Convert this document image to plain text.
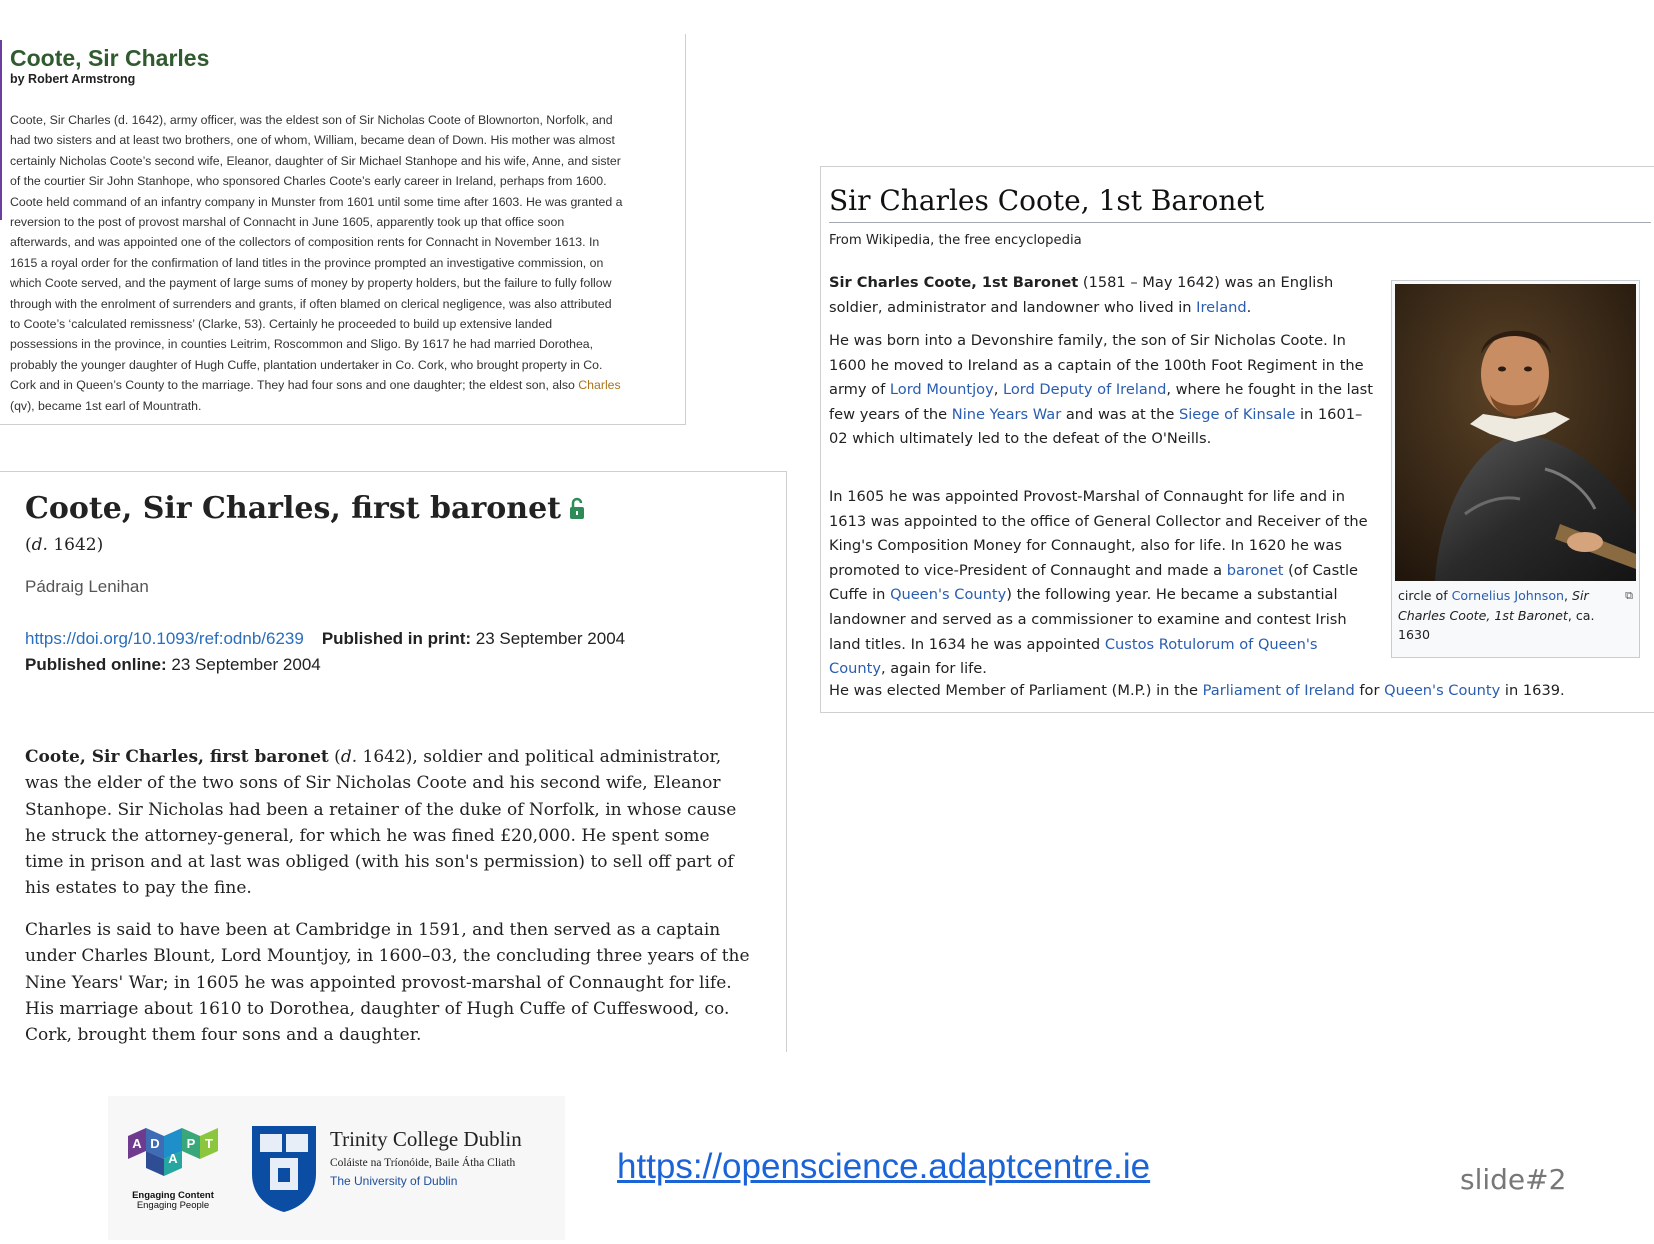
Coote, Sir Charles
by Robert Armstrong
Coote, Sir Charles (d. 1642), army officer, was the eldest son of Sir Nicholas Coote of Blownorton, Norfolk, and
had two sisters and at least two brothers, one of whom, William, became dean of Down. His mother was almost
certainly Nicholas Coote’s second wife, Eleanor, daughter of Sir Michael Stanhope and his wife, Anne, and sister
of the courtier Sir John Stanhope, who sponsored Charles Coote’s early career in Ireland, perhaps from 1600.
Coote held command of an infantry company in Munster from 1601 until some time after 1603. He was granted a
reversion to the post of provost marshal of Connacht in June 1605, apparently took up that office soon
afterwards, and was appointed one of the collectors of composition rents for Connacht in November 1613. In
1615 a royal order for the confirmation of land titles in the province prompted an investigative commission, on
which Coote served, and the payment of large sums of money by property holders, but the failure to fully follow
through with the enrolment of surrenders and grants, if often blamed on clerical negligence, was also attributed
to Coote’s ‘calculated remissness’ (Clarke, 53). Certainly he proceeded to build up extensive landed
possessions in the province, in counties Leitrim, Roscommon and Sligo. By 1617 he had married Dorothea,
probably the younger daughter of Hugh Cuffe, plantation undertaker in Co. Cork, who brought property in Co.
Cork and in Queen’s County to the marriage. They had four sons and one daughter; the eldest son, also Charles
(qv), became 1st earl of Mountrath.
Coote, Sir Charles, first baronet
(d. 1642)
Pádraig Lenihan
https://doi.org/10.1093/ref:odnb/6239 Published in print: 23 September 2004
Published online: 23 September 2004
Coote, Sir Charles, first baronet (d. 1642), soldier and political administrator, was the elder of the two sons of Sir Nicholas Coote and his second wife, Eleanor Stanhope. Sir Nicholas had been a retainer of the duke of Norfolk, in whose cause he struck the attorney-general, for which he was fined £20,000. He spent some time in prison and at last was obliged (with his son's permission) to sell off part of his estates to pay the fine.
Charles is said to have been at Cambridge in 1591, and then served as a captain under Charles Blount, Lord Mountjoy, in 1600–03, the concluding three years of the Nine Years' War; in 1605 he was appointed provost-marshal of Connaught for life. His marriage about 1610 to Dorothea, daughter of Hugh Cuffe of Cuffeswood, co. Cork, brought them four sons and a daughter.
Sir Charles Coote, 1st Baronet
From Wikipedia, the free encyclopedia
Sir Charles Coote, 1st Baronet (1581 – May 1642) was an English soldier, administrator and landowner who lived in Ireland.
He was born into a Devonshire family, the son of Sir Nicholas Coote. In 1600 he moved to Ireland as a captain of the 100th Foot Regiment in the army of Lord Mountjoy, Lord Deputy of Ireland, where he fought in the last few years of the Nine Years War and was at the Siege of Kinsale in 1601–02 which ultimately led to the defeat of the O'Neills.
In 1605 he was appointed Provost-Marshal of Connaught for life and in 1613 was appointed to the office of General Collector and Receiver of the King's Composition Money for Connaught, also for life. In 1620 he was promoted to vice-President of Connaught and made a baronet (of Castle Cuffe in Queen's County) the following year. He became a substantial landowner and served as a commissioner to examine and contest Irish land titles. In 1634 he was appointed Custos Rotulorum of Queen's County, again for life.
He was elected Member of Parliament (M.P.) in the Parliament of Ireland for Queen's County in 1639.
circle of Cornelius Johnson, Sir Charles Coote, 1st Baronet, ca. 1630
⧉
A D
A
P T
Engaging Content
Engaging People
Trinity College Dublin
Coláiste na Tríonóide, Baile Átha Cliath
The University of Dublin	https://openscience.adaptcentre.ie	slide#2
